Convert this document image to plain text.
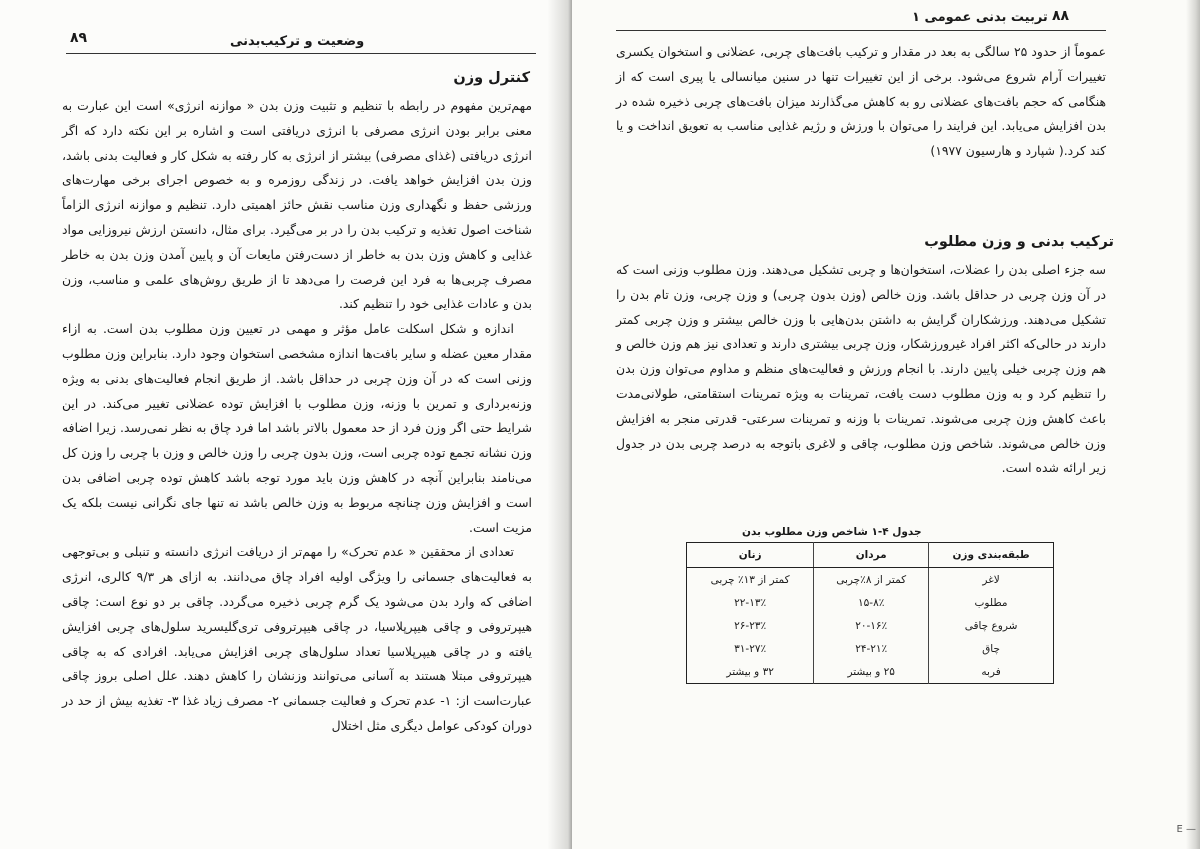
۸۹	وضعیت و ترکیب‌بدنی
کنترل وزن

مهم‌ترین مفهوم در رابطه با تنظیم و تثبیت وزن بدن « موازنه انرژی» است این عبارت به معنی برابر بودن انرژی مصرفی با انرژی دریافتی است و اشاره بر این نکته دارد که اگر انرژی دریافتی (غذای مصرفی) بیشتر از انرژی به کار رفته به شکل کار و فعالیت بدنی باشد، وزن بدن افزایش خواهد یافت. در زندگی روزمره و به خصوص اجرای برخی مهارت‌های ورزشی حفظ و نگهداری وزن مناسب نقش حائز اهمیتی دارد. تنظیم و موازنه انرژی الزاماً شناخت اصول تغذیه و ترکیب بدن را در بر می‌گیرد. برای مثال، دانستن ارزش نیروزایی مواد غذایی و کاهش وزن بدن به خاطر از دست‌رفتن مایعات آن و پایین آمدن وزن بدن به خاطر مصرف چربی‌ها به فرد این فرصت را می‌دهد تا از طریق روش‌های علمی و مناسب، وزن بدن و عادات غذایی خود را تنظیم کند.

اندازه و شکل اسکلت عامل مؤثر و مهمی در تعیین وزن مطلوب بدن است. به ازاء مقدار معین عضله و سایر بافت‌ها اندازه مشخصی استخوان وجود دارد. بنابراین وزن مطلوب وزنی است که در آن وزن چربی در حداقل باشد. از طریق انجام فعالیت‌های بدنی به ویژه وزنه‌برداری و تمرین با وزنه، وزن مطلوب با افزایش توده عضلانی تغییر می‌کند. در این شرایط حتی اگر وزن فرد از حد معمول بالاتر باشد اما فرد چاق به نظر نمی‌رسد. زیرا اضافه وزن نشانه تجمع توده چربی است، وزن بدون چربی را وزن خالص و وزن با چربی را وزن کل می‌نامند بنابراین آنچه در کاهش وزن باید مورد توجه باشد کاهش توده چربی اضافی بدن است و افزایش وزن چنانچه مربوط به وزن خالص باشد نه تنها جای نگرانی نیست بلکه یک مزیت است.

تعدادی از محققین « عدم تحرک» را مهم‌تر از دریافت انرژی دانسته و تنبلی و بی‌توجهی به فعالیت‌های جسمانی را ویژگی اولیه افراد چاق می‌دانند. به ازای هر ۹/۳ کالری، انرژی اضافی که وارد بدن می‌شود یک گرم چربی ذخیره می‌گردد. چاقی بر دو نوع است: چاقی هیپرتروفی و چاقی هیپرپلاسیا، در چاقی هیپرتروفی تری‌گلیسرید سلول‌های چربی افزایش یافته و در چاقی هیپرپلاسیا تعداد سلول‌های چربی افزایش می‌یابد. افرادی که به چاقی هیپرتروفی مبتلا هستند به آسانی می‌توانند وزنشان را کاهش دهند. علل اصلی بروز چاقی عبارت‌است از: ۱- عدم تحرک و فعالیت جسمانی ۲- مصرف زیاد غذا ۳- تغذیه بیش از حد در دوران کودکی عوامل دیگری مثل اختلال

۸۸
تربیت بدنی عمومی ۱

عموماً از حدود ۲۵ سالگی به بعد در مقدار و ترکیب بافت‌های چربی، عضلانی و استخوان یکسری تغییرات آرام شروع می‌شود. برخی از این تغییرات تنها در سنین میانسالی یا پیری است که از هنگامی که حجم بافت‌های عضلانی رو به کاهش می‌گذارند میزان بافت‌های چربی ذخیره شده در بدن افزایش می‌یابد. این فرایند را می‌توان با ورزش و رژیم غذایی مناسب به تعویق انداخت و یا کند کرد.( شپارد و هارسیون ۱۹۷۷)

ترکیب بدنی و وزن مطلوب

سه جزء اصلی بدن را عضلات، استخوان‌ها و چربی تشکیل می‌دهند. وزن مطلوب وزنی است که در آن وزن چربی در حداقل باشد. وزن خالص (وزن بدون چربی) و وزن چربی، وزن تام بدن را تشکیل می‌دهند. ورزشکاران گرایش به داشتن بدن‌هایی با وزن خالص بیشتر و وزن چربی کمتر دارند در حالی‌که اکثر افراد غیرورزشکار، وزن چربی بیشتری دارند و تعدادی نیز هم وزن خالص و هم وزن چربی خیلی پایین دارند. با انجام ورزش و فعالیت‌های منظم و مداوم می‌توان وزن بدن را تنظیم کرد و به وزن مطلوب دست یافت، تمرینات به ویژه تمرینات استقامتی، طولانی‌مدت باعث کاهش وزن چربی می‌شوند. تمرینات با وزنه و تمرینات سرعتی- قدرتی منجر به افزایش وزن خالص می‌شوند. شاخص وزن مطلوب، چاقی و لاغری باتوجه به درصد چربی بدن در جدول زیر ارائه شده است.

جدول ۴-۱ شاخص وزن مطلوب بدن
طبقه‌بندی وزن	مردان	زنان
لاغر	کمتر از ۸٪چربی	کمتر از ۱۳٪ چربی
مطلوب	۱۵-۸٪	۲۲-۱۳٪
شروع چاقی	۲۰-۱۶٪	۲۶-۲۳٪
چاق	۲۴-۲۱٪	۳۱-۲۷٪
فربه	۲۵ و بیشتر	۳۲ و بیشتر
E —
